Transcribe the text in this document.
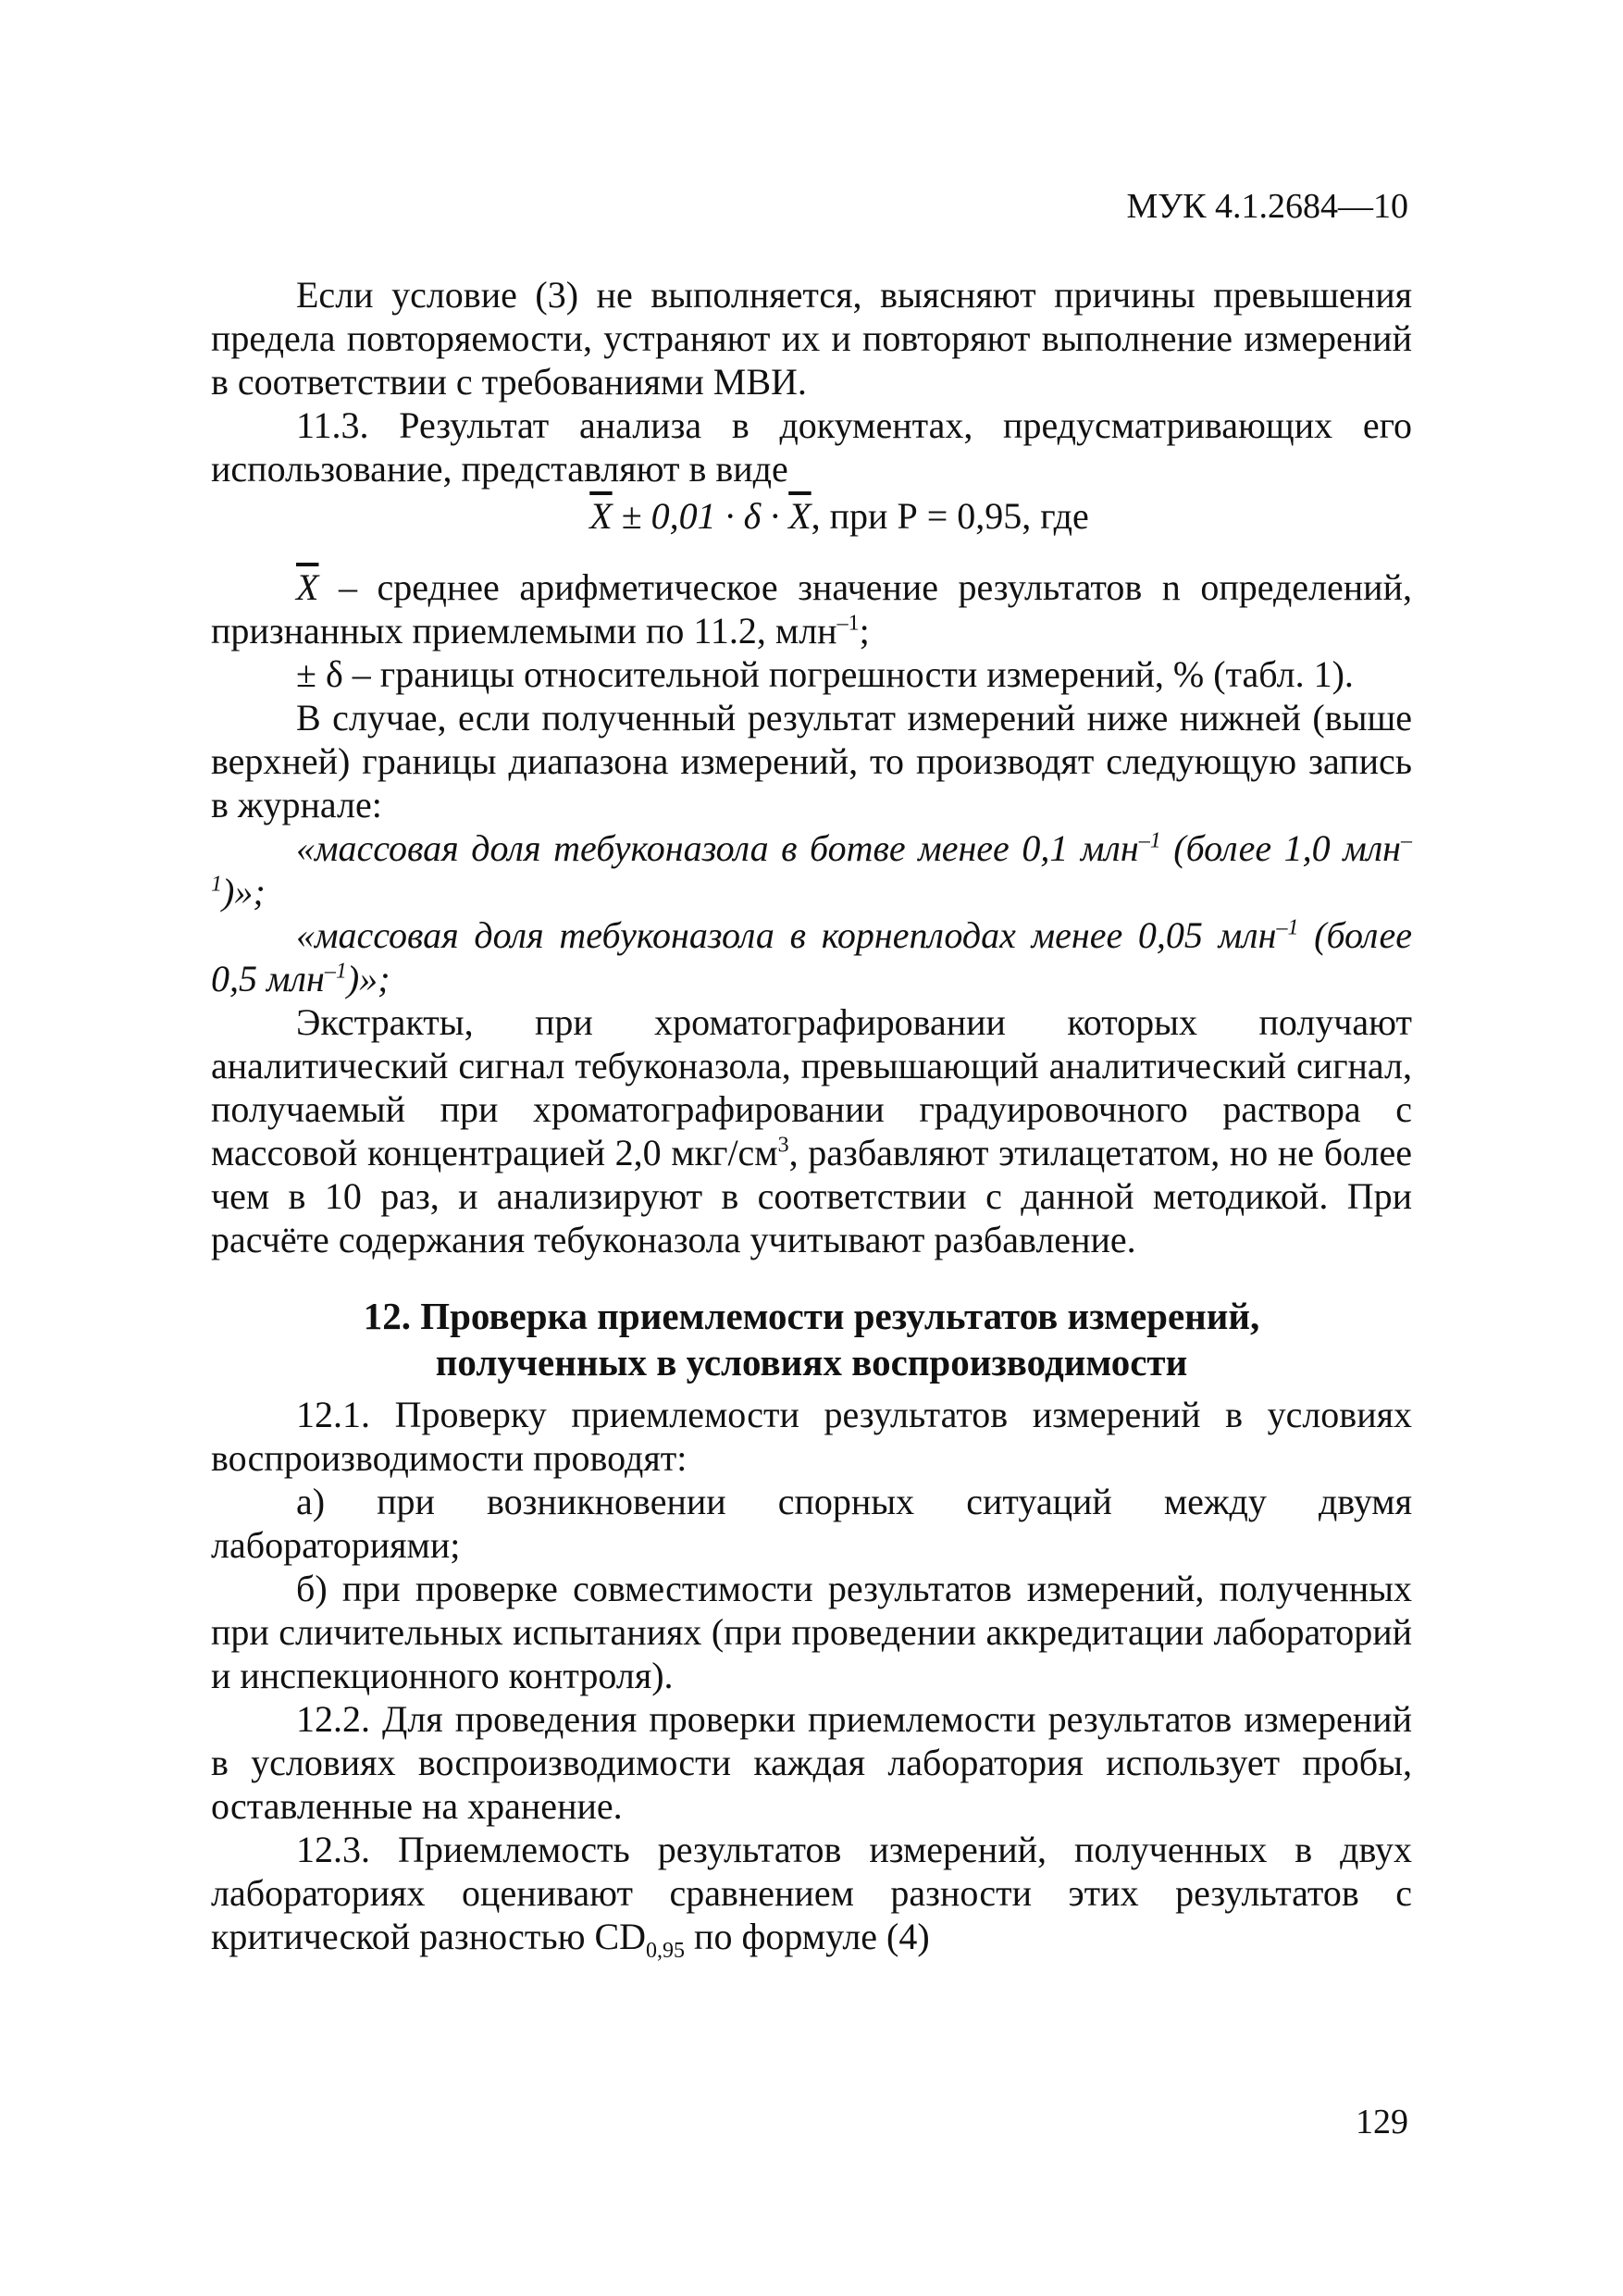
МУК 4.1.2684—10

Если условие (3) не выполняется, выясняют причины превышения предела повторяемости, устраняют их и повторяют выполнение измерений в соответствии с требованиями МВИ.

11.3. Результат анализа в документах, предусматривающих его использование, представляют в виде

$\overline{X} \pm 0,01 \cdot \delta \cdot \overline{X}$, при Р = 0,95, где

$\overline{X}$ – среднее арифметическое значение результатов n определений, признанных приемлемыми по 11.2, млн$^{-1}$;

± δ – границы относительной погрешности измерений, % (табл. 1).

В случае, если полученный результат измерений ниже нижней (выше верхней) границы диапазона измерений, то производят следующую запись в журнале:

«массовая доля тебуконазола в ботве менее 0,1 млн$^{-1}$ (более 1,0 млн$^{-1}$)»;

«массовая доля тебуконазола в корнеплодах менее 0,05 млн$^{-1}$ (более 0,5 млн$^{-1}$)»;

Экстракты, при хроматографировании которых получают аналитический сигнал тебуконазола, превышающий аналитический сигнал, получаемый при хроматографировании градуировочного раствора с массовой концентрацией 2,0 мкг/$см^3$, разбавляют этилацетатом, но не более чем в 10 раз, и анализируют в соответствии с данной методикой. При расчёте содержания тебуконазола учитывают разбавление.

12. Проверка приемлемости результатов измерений,
полученных в условиях воспроизводимости

12.1. Проверку приемлемости результатов измерений в условиях воспроизводимости проводят:

а) при возникновении спорных ситуаций между двумя лабораториями;

б) при проверке совместимости результатов измерений, полученных при сличительных испытаниях (при проведении аккредитации лабораторий и инспекционного контроля).

12.2. Для проведения проверки приемлемости результатов измерений в условиях воспроизводимости каждая лаборатория использует пробы, оставленные на хранение.

12.3. Приемлемость результатов измерений, полученных в двух лабораториях оценивают сравнением разности этих результатов с критической разностью $CD_{0,95}$ по формуле (4)

129
